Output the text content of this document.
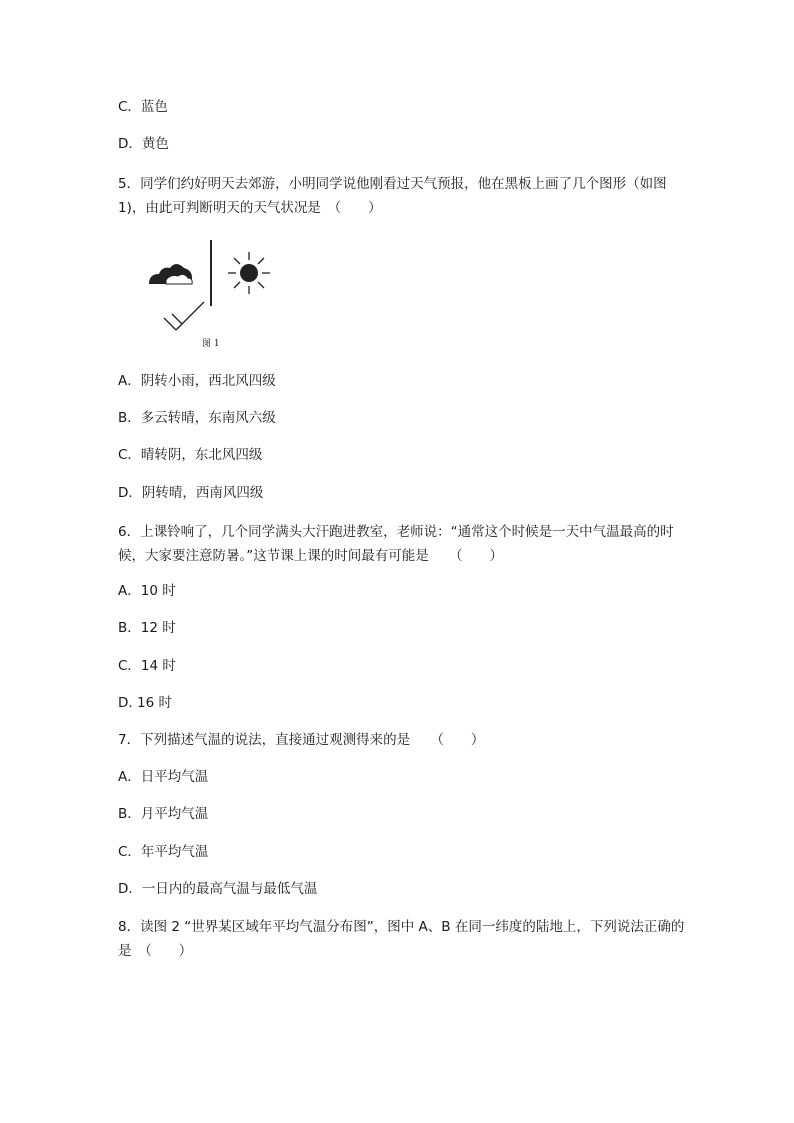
C．蓝色
D．黄色

5．同学们约好明天去郊游，小明同学说他刚看过天气预报，他在黑板上画了几个图形（如图 1)，由此可判断明天的天气状况是　（　　）

图 1
A．阴转小雨，西北风四级
B．多云转晴，东南风六级
C．晴转阴，东北风四级
D．阴转晴，西南风四级

6．上课铃响了，几个同学满头大汗跑进教室，老师说：“通常这个时候是一天中气温最高的时候，大家要注意防暑。”这节课上课的时间最有可能是　　（　　）

A．10 时
B．12 时
C．14 时
D. 16 时
7．下列描述气温的说法，直接通过观测得来的是　　（　　）
A．日平均气温
B．月平均气温
C．年平均气温
D．一日内的最高气温与最低气温

8．读图 2 “世界某区域年平均气温分布图”，图中 A、B 在同一纬度的陆地上，下列说法正确的是　（　　）
